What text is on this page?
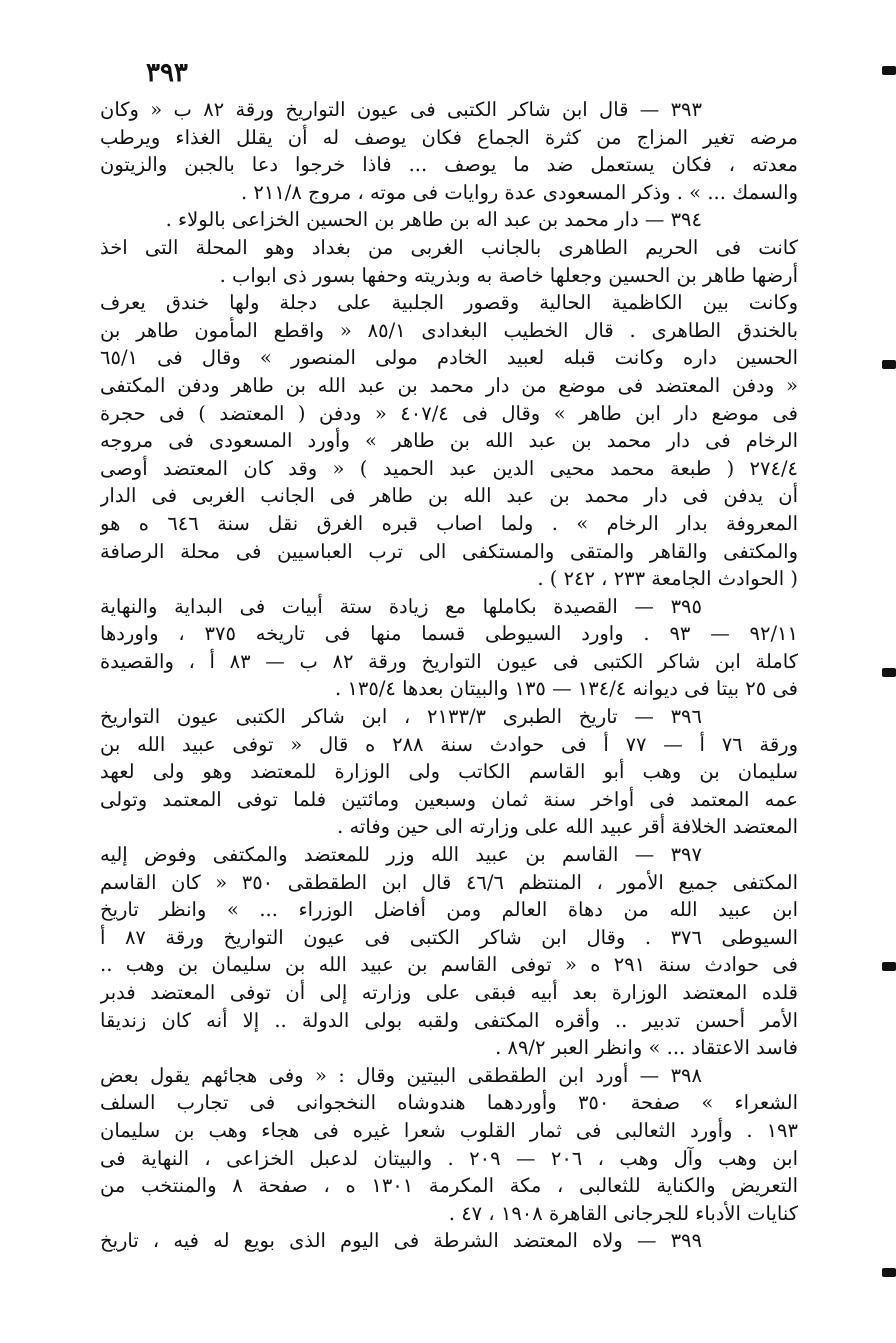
٣٩٣
٣٩٣ — قال ابن شاكر الكتبى فى عيون التواريخ ورقة ٨٢ ب « وكان
مرضه تغير المزاج من كثرة الجماع فكان يوصف له أن يقلل الغذاء ويرطب
معدته ، فكان يستعمل ضد ما يوصف ... فاذا خرجوا دعا بالجبن والزيتون
والسمك ... » . وذكر المسعودى عدة روايات فى موته ، مروج ٢١١/٨ .
٣٩٤ — دار محمد بن عبد اله بن طاهر بن الحسين الخزاعى بالولاء .
كانت فى الحريم الطاهرى بالجانب الغربى من بغداد وهو المحلة التى اخذ
أرضها طاهر بن الحسين وجعلها خاصة به وبذريته وحفها بسور ذى ابواب .
وكانت بين الكاظمية الحالية وقصور الجلبية على دجلة ولها خندق يعرف
بالخندق الطاهرى . قال الخطيب البغدادى ٨٥/١ « واقطع المأمون طاهر بن
الحسين داره وكانت قبله لعبيد الخادم مولى المنصور » وقال فى ٦٥/١
« ودفن المعتضد فى موضع من دار محمد بن عبد الله بن طاهر ودفن المكتفى
فى موضع دار ابن طاهر » وقال فى ٤٠٧/٤ « ودفن ( المعتضد ) فى حجرة
الرخام فى دار محمد بن عبد الله بن طاهر » وأورد المسعودى فى مروجه
٢٧٤/٤ ( طبعة محمد محيى الدين عبد الحميد ) « وقد كان المعتضد أوصى
أن يدفن فى دار محمد بن عبد الله بن طاهر فى الجانب الغربى فى الدار
المعروفة بدار الرخام » . ولما اصاب قبره الغرق نقل سنة ٦٤٦ ه هو
والمكتفى والقاهر والمتقى والمستكفى الى ترب العباسيين فى محلة الرصافة
( الحوادث الجامعة ٢٣٣ ، ٢٤٢ ) .
٣٩٥ — القصيدة بكاملها مع زيادة ستة أبيات فى البداية والنهاية
٩٢/١١ — ٩٣ . واورد السيوطى قسما منها فى تاريخه ٣٧٥ ، واوردها
كاملة ابن شاكر الكتبى فى عيون التواريخ ورقة ٨٢ ب — ٨٣ أ ، والقصيدة
فى ٢٥ بيتا فى ديوانه ١٣٤/٤ — ١٣٥ والبيتان بعدها ١٣٥/٤ .
٣٩٦ — تاريخ الطبرى ٢١٣٣/٣ ، ابن شاكر الكتبى عيون التواريخ
ورقة ٧٦ أ — ٧٧ أ فى حوادث سنة ٢٨٨ ه قال « توفى عبيد الله بن
سليمان بن وهب أبو القاسم الكاتب ولى الوزارة للمعتضد وهو ولى لعهد
عمه المعتمد فى أواخر سنة ثمان وسبعين ومائتين فلما توفى المعتمد وتولى
المعتضد الخلافة أقر عبيد الله على وزارته الى حين وفاته .
٣٩٧ — القاسم بن عبيد الله وزر للمعتضد والمكتفى وفوض إليه
المكتفى جميع الأمور ، المنتظم ٤٦/٦ قال ابن الطقطقى ٣٥٠ « كان القاسم
ابن عبيد الله من دهاة العالم ومن أفاضل الوزراء ... » وانظر تاريخ
السيوطى ٣٧٦ . وقال ابن شاكر الكتبى فى عيون التواريخ ورقة ٨٧ أ
فى حوادث سنة ٢٩١ ه « توفى القاسم بن عبيد الله بن سليمان بن وهب ..
قلده المعتضد الوزارة بعد أبيه فبقى على وزارته إلى أن توفى المعتضد فدبر
الأمر أحسن تدبير .. وأقره المكتفى ولقبه بولى الدولة .. إلا أنه كان زنديقا
فاسد الاعتقاد ... » وانظر العبر ٨٩/٢ .
٣٩٨ — أورد ابن الطقطقى البيتين وقال : « وفى هجائهم يقول بعض
الشعراء » صفحة ٣٥٠ وأوردهما هندوشاه النخجوانى فى تجارب السلف
١٩٣ . وأورد الثعالبى فى ثمار القلوب شعرا غيره فى هجاء وهب بن سليمان
ابن وهب وآل وهب ، ٢٠٦ — ٢٠٩ . والبيتان لدعبل الخزاعى ، النهاية فى
التعريض والكناية للثعالبى ، مكة المكرمة ١٣٠١ ه ، صفحة ٨ والمنتخب من
كنايات الأدباء للجرجانى القاهرة ١٩٠٨ ، ٤٧ .
٣٩٩ — ولاه المعتضد الشرطة فى اليوم الذى بويع له فيه ، تاريخ
